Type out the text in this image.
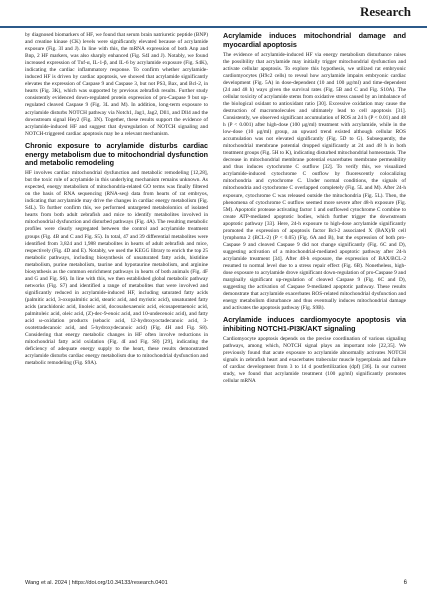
Research

by diagnosed biomarkers of HF, we found that serum brain natriuretic peptide (BNP) and creatine kinase (CK) levels were significantly elevated because of acrylamide exposure (Fig. 3I and J). In line with this, the mRNA expression of both Anp and Bnp, 2 HF markers, was also sharply enhanced (Fig. S4I and J). Notably, we found increased expression of Tnf-α, IL-1-β, and IL-6 by acrylamide exposure (Fig. S4K), indicating the cardiac inflammatory response. To confirm whether acrylamide-induced HF is driven by cardiac apoptosis, we showed that acrylamide significantly elevates the expression of Caspase 9 and Caspase 3, but not PS3, Bax, and Bcl-2, in hearts (Fig. 3K), which was supported by previous zebrafish results. Further study consistently evidenced down-regulated protein expression of pro-Caspase 9 but up-regulated cleaved Caspase 9 (Fig. 3L and M). In addition, long-term exposure to acrylamide disturbs NOTCH pathway via Notch1, Jag1, Jag2, Dll1, and Dll4 and the downstream signal Hey2 (Fig. 3N). Together, these results support the evidence of acrylamide-induced HF and suggest that dysregulation of NOTCH signaling and NOTCH-triggered cardiac apoptosis may be a relevant mechanism.

Chronic exposure to acrylamide disturbs cardiac energy metabolism due to mitochondrial dysfunction and metabolic remodeling

HF involves cardiac mitochondrial dysfunction and metabolic remodeling [12,28], but the toxic role of acrylamide in this underlying mechanism remains unknown. As expected, energy metabolism of mitochondria-related GO terms was finally filtered on the basis of RNA sequencing (RNA-seq) data from hearts of rat embryos, indicating that acrylamide may drive the changes in cardiac energy metabolism (Fig. S4L). To further confirm this, we performed untargeted metabolomics of isolated hearts from both adult zebrafish and mice to identify metabolites involved in mitochondrial dysfunction and disturbed pathways (Fig. 4A). The resulting metabolic profiles were clearly segregated between the control and acrylamide treatment groups (Fig. 4B and C and Fig. S5). In total, 47 and 39 differential metabolites were identified from 3,824 and 1,988 metabolites in hearts of adult zebrafish and mice, respectively (Fig. 4D and E). Notably, we used the KEGG library to enrich the top 25 metabolic pathways, including biosynthesis of unsaturated fatty acids, histidine metabolism, purine metabolism, taurine and hypotaurine metabolism, and arginine biosynthesis as the common enrichment pathways in hearts of both animals (Fig. 4F and G and Fig. S6). In line with this, we then established global metabolic pathway networks (Fig. S7) and identified a range of metabolites that were involved and significantly reduced in acrylamide-induced HF, including saturated fatty acids (palmitic acid, 3-oxopalmitic acid, stearic acid, and myristic acid), unsaturated fatty acids (arachidonic acid, linoleic acid, docosahexaenoic acid, eicosapentaenoic acid, palmitoleic acid, oleic acid, (Z)-dec-9-enoic acid, and 10-undecenoic acid), and fatty acid ω-oxidation products (sebacic acid, 12-hydroxyoctadecanoic acid, 3-oxotetradecanoic acid, and 5-hydroxydecanoic acid) (Fig. 4H and Fig. S8). Considering that energy metabolic changes in HF often involve reductions in mitochondrial fatty acid oxidation (Fig. 4I and Fig. S8) [29], indicating the deficiency of adequate energy supply to the heart, these results demonstrated acrylamide disturbs cardiac energy metabolism due to mitochondrial dysfunction and metabolic remodeling (Fig. S9A).

Acrylamide induces mitochondrial damage and myocardial apoptosis

The evidence of acrylamide-induced HF via energy metabolism disturbance raises the possibility that acrylamide may initially trigger mitochondrial dysfunction and activate cellular apoptosis. To explore this hypothesis, we utilized rat embryonic cardiomyocytes (H9c2 cells) to reveal how acrylamide impairs embryonic cardiac development (Fig. 5A) in dose-dependent (10 and 100 μg/ml) and time-dependent (24 and 48 h) ways given the survival rates (Fig. 5B and C and Fig. S10A). The cellular toxicity of acrylamide stems from oxidative stress caused by an imbalance of the biological oxidant to antioxidant ratio [30]. Excessive oxidation may cause the destruction of macromolecules and ultimately lead to cell apoptosis [31]. Consistently, we observed significant accumulation of ROS at 24 h (P < 0.01) and 48 h (P < 0.001) after high-dose (100 μg/ml) treatment with acrylamide, while in the low-dose (10 μg/ml) group, an upward trend existed although cellular ROS accumulation was not elevated significantly (Fig. 5D to G). Subsequently, the mitochondrial membrane potential dropped significantly at 24 and 48 h in both treatment groups (Fig. 5H to K), indicating disturbed mitochondrial homeostasis. The decrease in mitochondrial membrane potential exacerbates membrane permeability and thus induces cytochrome C outflow [32]. To verify this, we visualized acrylamide-induced cytochrome C outflow by fluorescently colocalizing mitochondria and cytochrome C. Under normal conditions, the signals of mitochondria and cytochrome C overlapped completely (Fig. 5L and M). After 24-h exposure, cytochrome C was released outside the mitochondria (Fig. 5L). Then, the phenomena of cytochrome C outflow seemed more severe after 48-h exposure (Fig. 5M). Apoptotic protease activating factor 1 and outflowed cytochrome C combine to create ATP-mediated apoptotic bodies, which further trigger the downstream apoptotic pathway [33]. Here, 24-h exposure to high-dose acrylamide significantly promoted the expression of apoptosis factor Bcl-2 associated X (BAX)/B cell lymphoma 2 (BCL-2) (P < 0.05) (Fig. 6A and B), but the expression of both pro-Caspase 9 and cleaved Caspase 9 did not change significantly (Fig. 6C and D), suggesting activation of a mitochondrial-mediated apoptotic pathway after 24-h acrylamide treatment [34]. After 48-h exposure, the expression of BAX/BCL-2 resumed to normal level due to a stress repair effect (Fig. 6B). Nonetheless, high-dose exposure to acrylamide drove significant down-regulation of pro-Caspase 9 and marginally significant up-regulation of cleaved Caspase 9 (Fig. 6C and D), suggesting the activation of Caspase 9-mediated apoptotic pathway. These results demonstrate that acrylamide exacerbates ROS-related mitochondrial dysfunction and energy metabolism disturbance and thus eventually induces mitochondrial damage and activates the apoptosis pathway (Fig. S9B).

Acrylamide induces cardiomyocyte apoptosis via inhibiting NOTCH1-PI3K/AKT signaling

Cardiomyocyte apoptosis depends on the precise coordination of various signaling pathways, among which, NOTCH signal plays an important role [22,35]. We previously found that acute exposure to acrylamide abnormally activates NOTCH signals in zebrafish heart and exacerbates trabecular muscle hyperplasia and failure of cardiac development from 3 to 14 d postfertilization (dpf) [36]. In our current study, we found that acrylamide treatment (100 μg/ml) significantly promotes cellular mRNA

Wang et al. 2024 | https://doi.org/10.34133/research.0401	6
